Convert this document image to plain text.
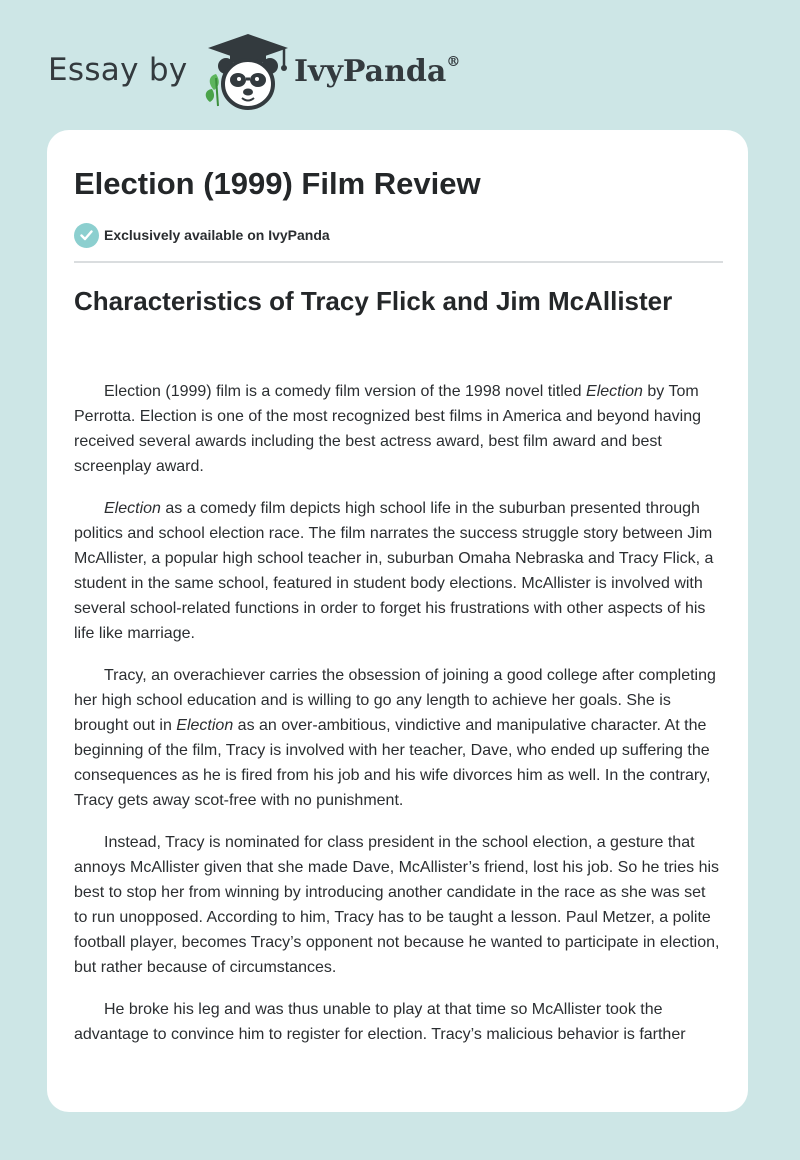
Essay by	IvyPanda®
Election (1999) Film Review
Exclusively available on IvyPanda
Characteristics of Tracy Flick and Jim McAllister

Election (1999) film is a comedy film version of the 1998 novel titled Election by Tom Perrotta. Election is one of the most recognized best films in America and beyond having received several awards including the best actress award, best film award and best screenplay award.

Election as a comedy film depicts high school life in the suburban presented through politics and school election race. The film narrates the success struggle story between Jim McAllister, a popular high school teacher in, suburban Omaha Nebraska and Tracy Flick, a student in the same school, featured in student body elections. McAllister is involved with several school-related functions in order to forget his frustrations with other aspects of his life like marriage.

Tracy, an overachiever carries the obsession of joining a good college after completing her high school education and is willing to go any length to achieve her goals. She is brought out in Election as an over-ambitious, vindictive and manipulative character. At the beginning of the film, Tracy is involved with her teacher, Dave, who ended up suffering the consequences as he is fired from his job and his wife divorces him as well. In the contrary, Tracy gets away scot-free with no punishment.

Instead, Tracy is nominated for class president in the school election, a gesture that annoys McAllister given that she made Dave, McAllister’s friend, lost his job. So he tries his best to stop her from winning by introducing another candidate in the race as she was set to run unopposed. According to him, Tracy has to be taught a lesson. Paul Metzer, a polite football player, becomes Tracy’s opponent not because he wanted to participate in election, but rather because of circumstances.

He broke his leg and was thus unable to play at that time so McAllister took the advantage to convince him to register for election. Tracy’s malicious behavior is farther
